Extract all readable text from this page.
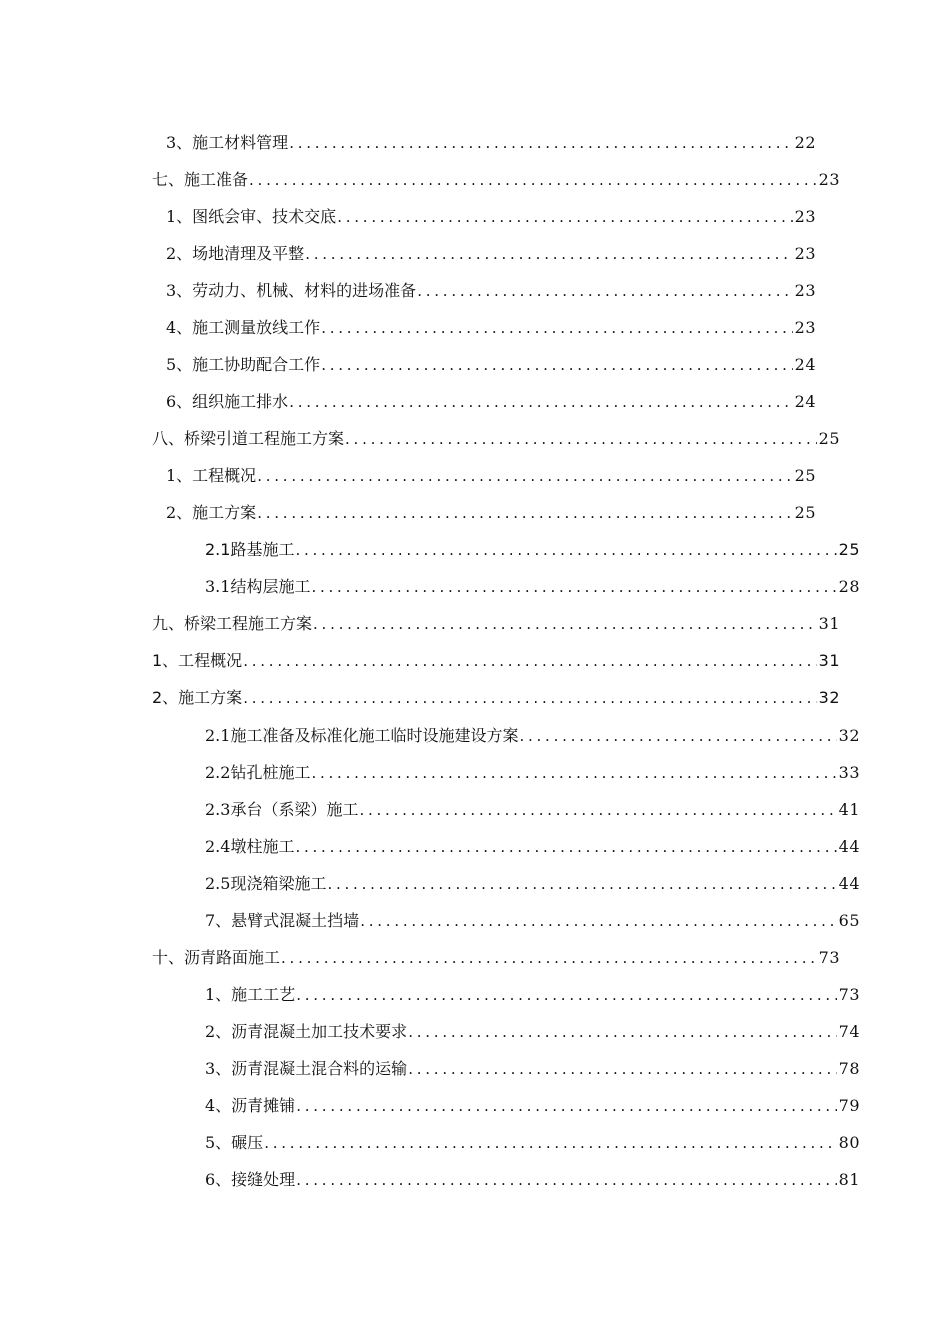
3、施工材料管理 . . .	22
七、施工准备 . . .	23
1、图纸会审、技术交底 . . .	23
2、场地清理及平整 . . .	23
3、劳动力、机械、材料的进场准备 . . .	23
4、施工测量放线工作 . . .	23
5、施工协助配合工作 . . .	24
6、组织施工排水 . . .	24
八、桥梁引道工程施工方案 . . .	25
1、工程概况 . . .	25
2、施工方案 . . .	25
2.1路基施工 . . .	25
3.1结构层施工 . . .	28
九、桥梁工程施工方案 . . .	31
1、工程概况 . . .	31
2、施工方案 . . .	32
2.1施工准备及标准化施工临时设施建设方案 . . .	32
2.2钻孔桩施工 . . .	33
2.3承台（系梁）施工 . . .	41
2.4墩柱施工 . . .	44
2.5现浇箱梁施工 . . .	44
7、悬臂式混凝土挡墙 . . .	65
十、沥青路面施工 . . .	73
1、施工工艺 . . .	73
2、沥青混凝土加工技术要求 . . .	74
3、沥青混凝土混合料的运输 . . .	78
4、沥青摊铺 . . .	79
5、碾压 . . .	80
6、接缝处理 . . .	81
